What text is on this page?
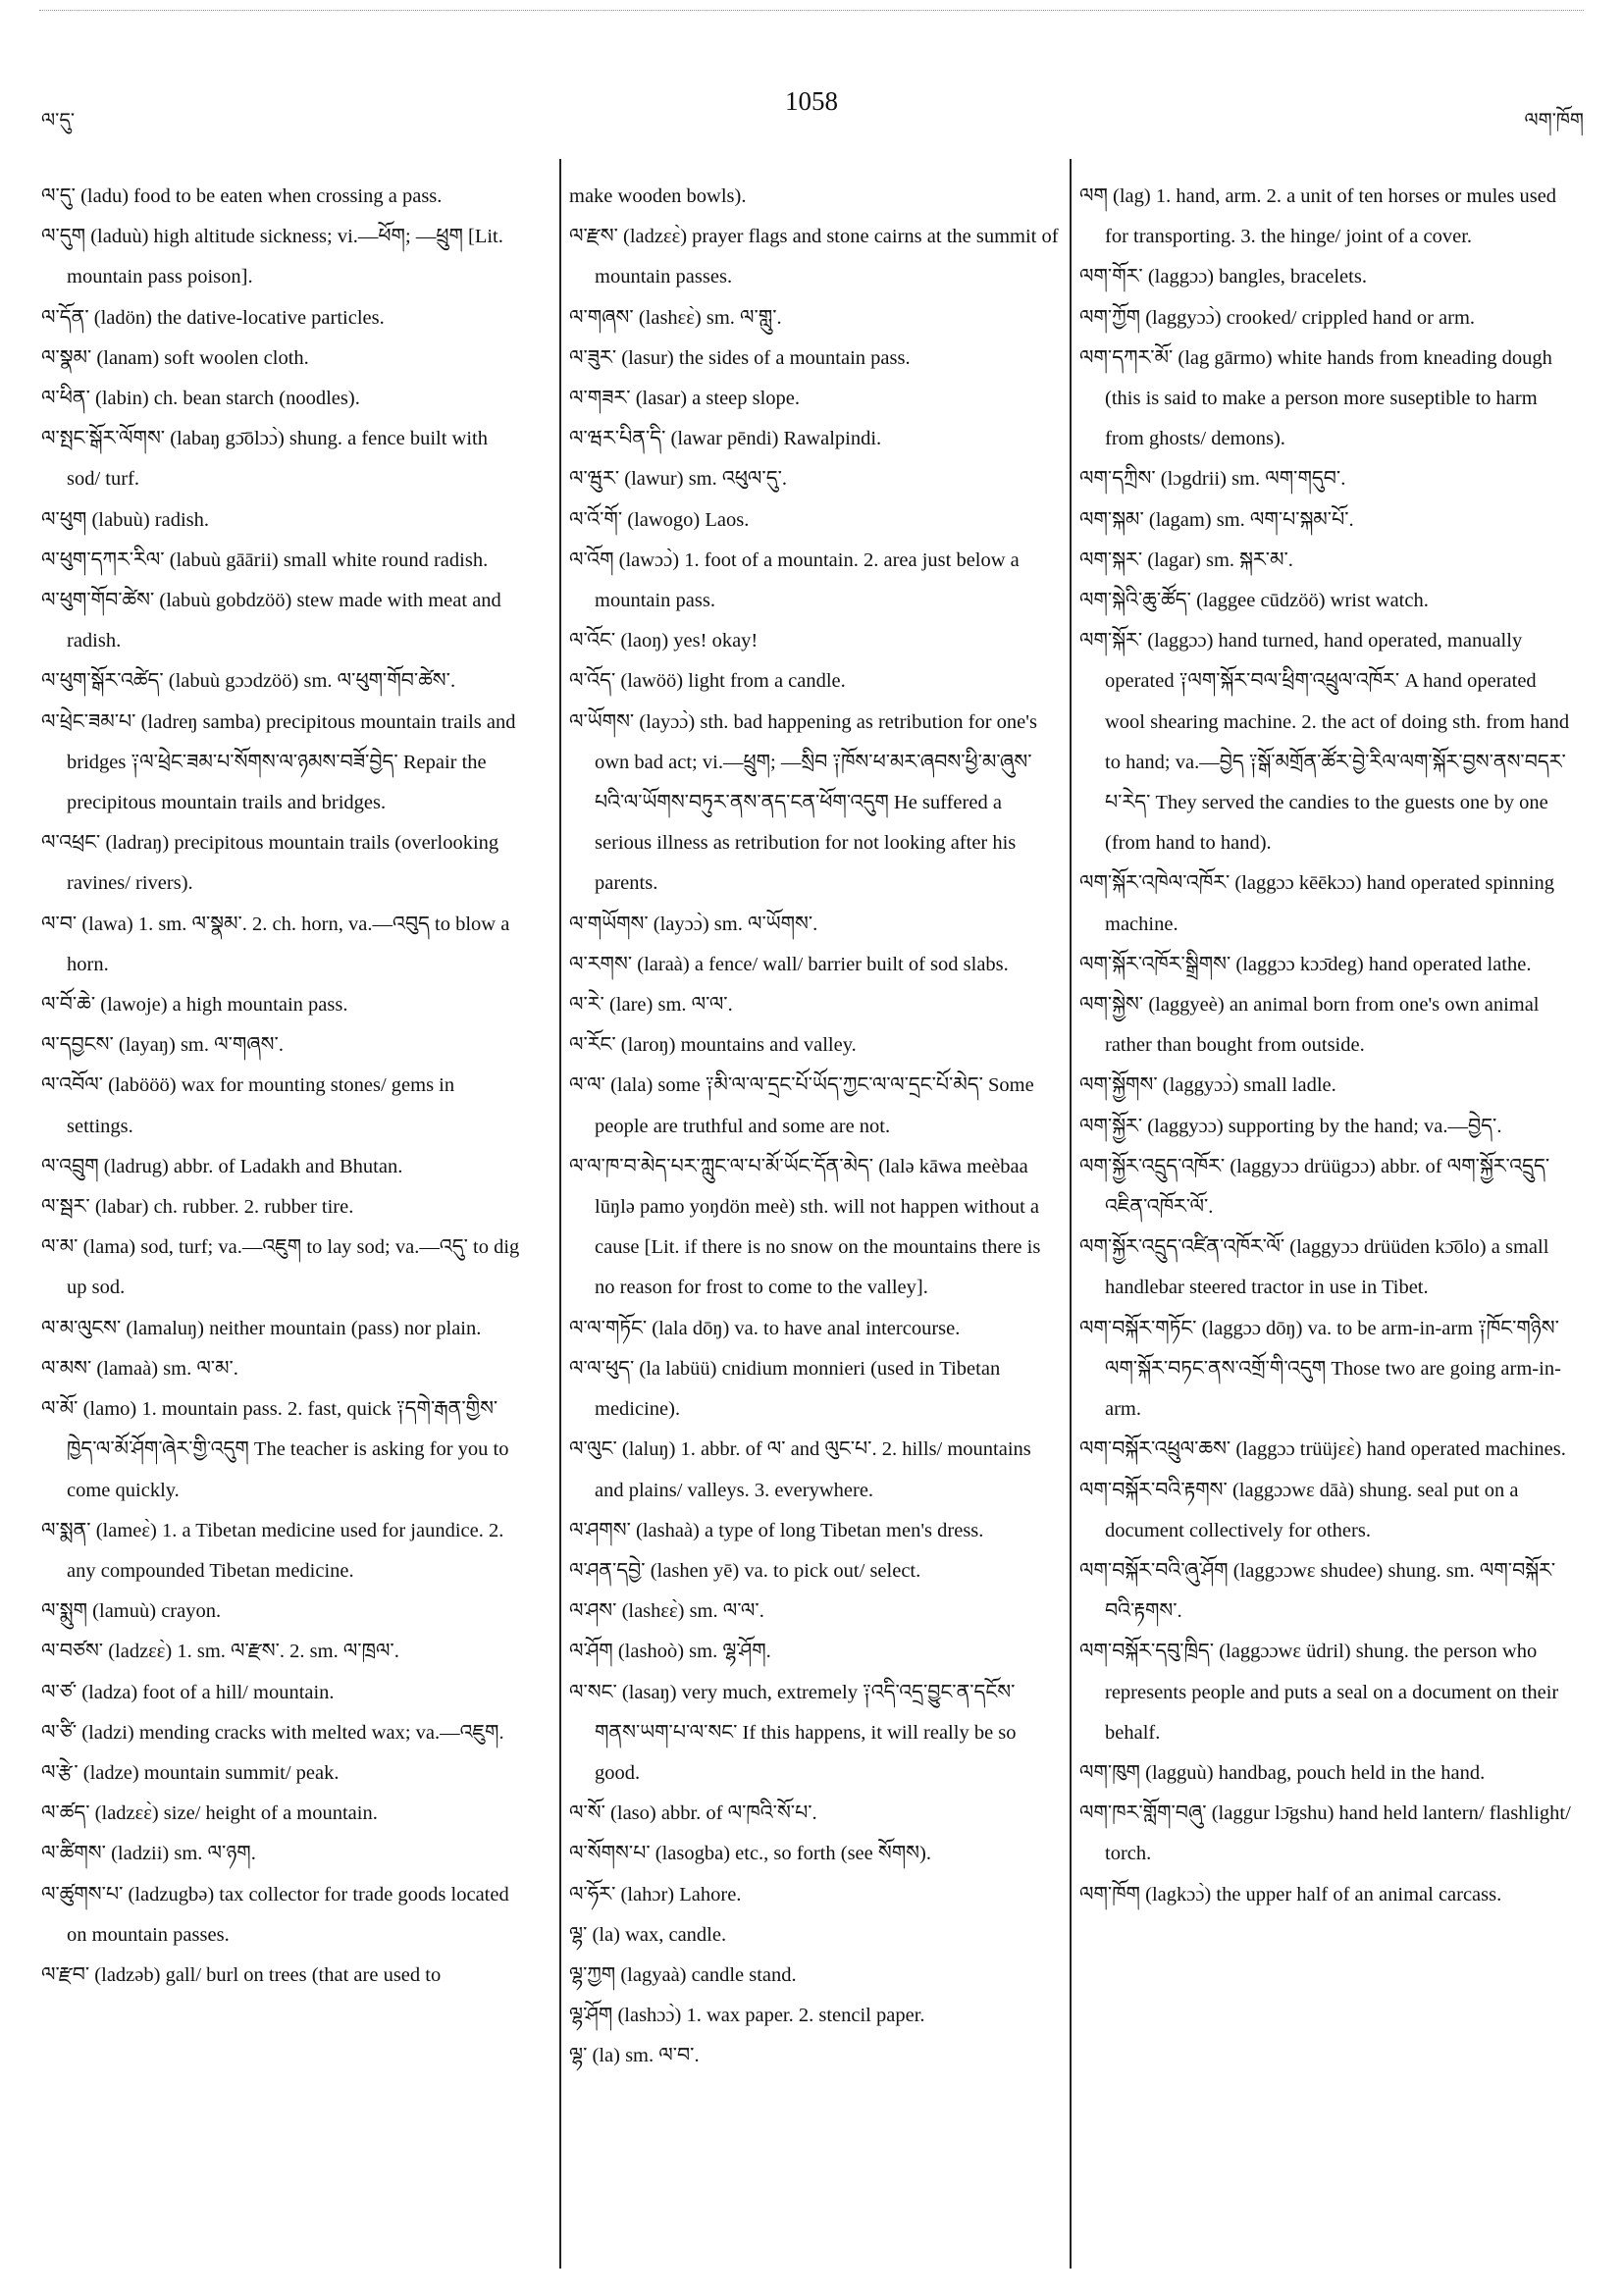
ལ་དུ་
1058
ལག་ཁོག

ལ་དུ་ (ladu) food to be eaten when crossing a pass.

ལ་དུག (laduù) high altitude sickness; vi.—ཕོག; —ཕྲུག [Lit. mountain pass poison].

ལ་དོན་ (ladön) the dative-locative particles.

ལ་སྣམ་ (lanam) soft woolen cloth.

ལ་ཕིན་ (labin) ch. bean starch (noodles).

ལ་སྤང་སྒོར་ལོགས་ (labaŋ gɔ̄ōlɔɔ̀) shung. a fence built with sod/ turf.

ལ་ཕུག (labuù) radish.

ལ་ཕུག་དཀར་རིལ་ (labuù gāārii) small white round radish.

ལ་ཕུག་གོབ་ཚེས་ (labuù gobdzöö) stew made with meat and radish.

ལ་ཕུག་སྒོར་འཚེད་ (labuù gɔɔdzöö) sm. ལ་ཕུག་གོབ་ཚེས་.

ལ་ཕྲེང་ཟམ་པ་ (ladreŋ samba) precipitous mountain trails and bridges ༑ལ་ཕྲེང་ཟམ་པ་སོགས་ལ་ཉམས་བཟོ་བྱེད་ Repair the precipitous mountain trails and bridges.

ལ་འཕྲང་ (ladraŋ) precipitous mountain trails (overlooking ravines/ rivers).

ལ་བ་ (lawa) 1. sm. ལ་སྣམ་. 2. ch. horn, va.—འབུད to blow a horn.

ལ་བོ་ཆེ་ (lawoje) a high mountain pass.

ལ་དབྱངས་ (layaŋ) sm. ལ་གཞས་.

ལ་འབོལ་ (labööö) wax for mounting stones/ gems in settings.

ལ་འབྲུག (ladrug) abbr. of Ladakh and Bhutan.

ལ་སྦར་ (labar) ch. rubber. 2. rubber tire.

ལ་མ་ (lama) sod, turf; va.—འཇུག to lay sod; va.—འདུ་ to dig up sod.

ལ་མ་ལུངས་ (lamaluŋ) neither mountain (pass) nor plain.

ལ་མས་ (lamaà) sm. ལ་མ་.

ལ་མོ་ (lamo) 1. mountain pass. 2. fast, quick ༑དགེ་རྒན་གྱིས་ཁྱེད་ལ་མོ་ཤོག་ཞེར་གྱི་འདུག The teacher is asking for you to come quickly.

ལ་སྨན་ (lameɛ̀) 1. a Tibetan medicine used for jaundice. 2. any compounded Tibetan medicine.

ལ་སྨུག (lamuù) crayon.

ལ་བཙས་ (ladzɛɛ̀) 1. sm. ལ་རྫས་. 2. sm. ལ་ཁྲལ་.

ལ་ཙ་ (ladza) foot of a hill/ mountain.

ལ་ཙི་ (ladzi) mending cracks with melted wax; va.—འཇུག.

ལ་རྩེ་ (ladze) mountain summit/ peak.

ལ་ཚད་ (ladzɛɛ̀) size/ height of a mountain.

ལ་ཚིགས་ (ladzii) sm. ལ་ཉག.

ལ་ཚུགས་པ་ (ladzugbə) tax collector for trade goods located on mountain passes.

ལ་རྫབ་ (ladzəb) gall/ burl on trees (that are used to

make wooden bowls).

ལ་རྫས་ (ladzɛɛ̀) prayer flags and stone cairns at the summit of mountain passes.

ལ་གཞས་ (lashɛɛ̀) sm. ལ་གླུ་.

ལ་ཟུར་ (lasur) the sides of a mountain pass.

ལ་གཟར་ (lasar) a steep slope.

ལ་ཝར་པིན་དི་ (lawar pēndi) Rawalpindi.

ལ་ཝུར་ (lawur) sm. འཕུལ་དུ་.

ལ་འོ་གོ་ (lawogo) Laos.

ལ་འོག (lawɔɔ̀) 1. foot of a mountain. 2. area just below a mountain pass.

ལ་འོང་ (laoŋ) yes! okay!

ལ་འོད་ (lawöö) light from a candle.

ལ་ཡོགས་ (layɔɔ̀) sth. bad happening as retribution for one's own bad act; vi.—ཕྲུག; —སྲིབ ༑ཁོས་ཕ་མར་ཞབས་ཕྱི་མ་ཞུས་པའི་ལ་ཡོགས་བཏུར་ནས་ནད་ངན་ཕོག་འདུག He suffered a serious illness as retribution for not looking after his parents.

ལ་གཡོགས་ (layɔɔ̀) sm. ལ་ཡོགས་.

ལ་རགས་ (laraà) a fence/ wall/ barrier built of sod slabs.

ལ་རེ་ (lare) sm. ལ་ལ་.

ལ་རོང་ (laroŋ) mountains and valley.

ལ་ལ་ (lala) some ༑མི་ལ་ལ་དྲང་པོ་ཡོད་ཀྱང་ལ་ལ་དྲང་པོ་མེད་ Some people are truthful and some are not.

ལ་ལ་ཁ་བ་མེད་པར་ཀླུང་ལ་པ་མོ་ཡོང་དོན་མེད་ (lalə kāwa meèbaa lūŋlə pamo yoŋdön meè) sth. will not happen without a cause [Lit. if there is no snow on the mountains there is no reason for frost to come to the valley].

ལ་ལ་གཏོང་ (lala dōŋ) va. to have anal intercourse.

ལ་ལ་ཕུད་ (la labüü) cnidium monnieri (used in Tibetan medicine).

ལ་ལུང་ (laluŋ) 1. abbr. of ལ་ and ལུང་པ་. 2. hills/ mountains and plains/ valleys. 3. everywhere.

ལ་ཤགས་ (lashaà) a type of long Tibetan men's dress.

ལ་ཤན་དབྱེ་ (lashen yē) va. to pick out/ select.

ལ་ཤས་ (lashɛɛ̀) sm. ལ་ལ་.

ལ་ཤོག (lashoò) sm. ལྷ་ཤོག.

ལ་སང་ (lasaŋ) very much, extremely ༑འདི་འདྲ་བྱུང་ན་དངོས་གནས་ཡག་པ་ལ་སང་ If this happens, it will really be so good.

ལ་སོ་ (laso) abbr. of ལ་ཁའི་སོ་པ་.

ལ་སོགས་པ་ (lasogba) etc., so forth (see སོགས).

ལ་ཧོར་ (lahɔr) Lahore.

ལྷ་ (la) wax, candle.

ལྷ་ཀྱག (lagyaà) candle stand.

ལྷ་ཤོག (lashɔɔ̀) 1. wax paper. 2. stencil paper.

ལྷ་ (la) sm. ལ་བ་.

ལག (lag) 1. hand, arm. 2. a unit of ten horses or mules used for transporting. 3. the hinge/ joint of a cover.

ལག་གོར་ (laggɔɔ) bangles, bracelets.

ལག་ཀྱོག (laggyɔɔ̀) crooked/ crippled hand or arm.

ལག་དཀར་མོ་ (lag gārmo) white hands from kneading dough (this is said to make a person more suseptible to harm from ghosts/ demons).

ལག་དཀྲིས་ (lɔgdrii) sm. ལག་གདུབ་.

ལག་སྐམ་ (lagam) sm. ལག་པ་སྐམ་པོ་.

ལག་སྐར་ (lagar) sm. སྐར་མ་.

ལག་སྐེའི་ཆུ་ཚོད་ (laggee cūdzöö) wrist watch.

ལག་སྐོར་ (laggɔɔ) hand turned, hand operated, manually operated ༑ལག་སྐོར་བལ་ཕྲིག་འཕྲུལ་འཁོར་ A hand operated wool shearing machine. 2. the act of doing sth. from hand to hand; va.—བྱེད ༑སྒོ་མགྲོན་ཚོར་བྱེ་རིལ་ལག་སྐོར་བྱས་ནས་བདར་པ་རེད་ They served the candies to the guests one by one (from hand to hand).

ལག་སྐོར་འཁེལ་འཁོར་ (laggɔɔ kēēkɔɔ) hand operated spinning machine.

ལག་སྐོར་འཁོར་སྒྲིགས་ (laggɔɔ kɔɔ̄deg) hand operated lathe.

ལག་སྐྱེས་ (laggyeè) an animal born from one's own animal rather than bought from outside.

ལག་སྐྱོགས་ (laggyɔɔ̀) small ladle.

ལག་སྐྱོར་ (laggyɔɔ) supporting by the hand; va.—བྱེད་.

ལག་སྐྱོར་འདྲུད་འཁོར་ (laggyɔɔ drüügɔɔ) abbr. of ལག་སྐྱོར་འདྲུད་འཇིན་འཁོར་ལོ་.

ལག་སྐྱོར་འདྲུད་འཛིན་འཁོར་ལོ་ (laggyɔɔ drüüden kɔ̄ōlo) a small handlebar steered tractor in use in Tibet.

ལག་བསྐོར་གཏོང་ (laggɔɔ dōŋ) va. to be arm-in-arm ༑ཁོང་གཉིས་ལག་སྐོར་བཏང་ནས་འགྲོ་གི་འདུག Those two are going arm-in-arm.

ལག་བསྐོར་འཕྲུལ་ཆས་ (laggɔɔ trüüjɛɛ̀) hand operated machines.

ལག་བསྐོར་བའི་རྟགས་ (laggɔɔwɛ dāà) shung. seal put on a document collectively for others.

ལག་བསྐོར་བའི་ཞུ་ཤོག (laggɔɔwɛ shudee) shung. sm. ལག་བསྐོར་བའི་རྟགས་.

ལག་བསྐོར་དབུ་ཁྲིད་ (laggɔɔwɛ üdril) shung. the person who represents people and puts a seal on a document on their behalf.

ལག་ཁུག (lagguù) handbag, pouch held in the hand.

ལག་ཁར་གློག་བཞུ་ (laggur lɔ̄gshu) hand held lantern/ flashlight/ torch.

ལག་ཁོག (lagkɔɔ̀) the upper half of an animal carcass.
